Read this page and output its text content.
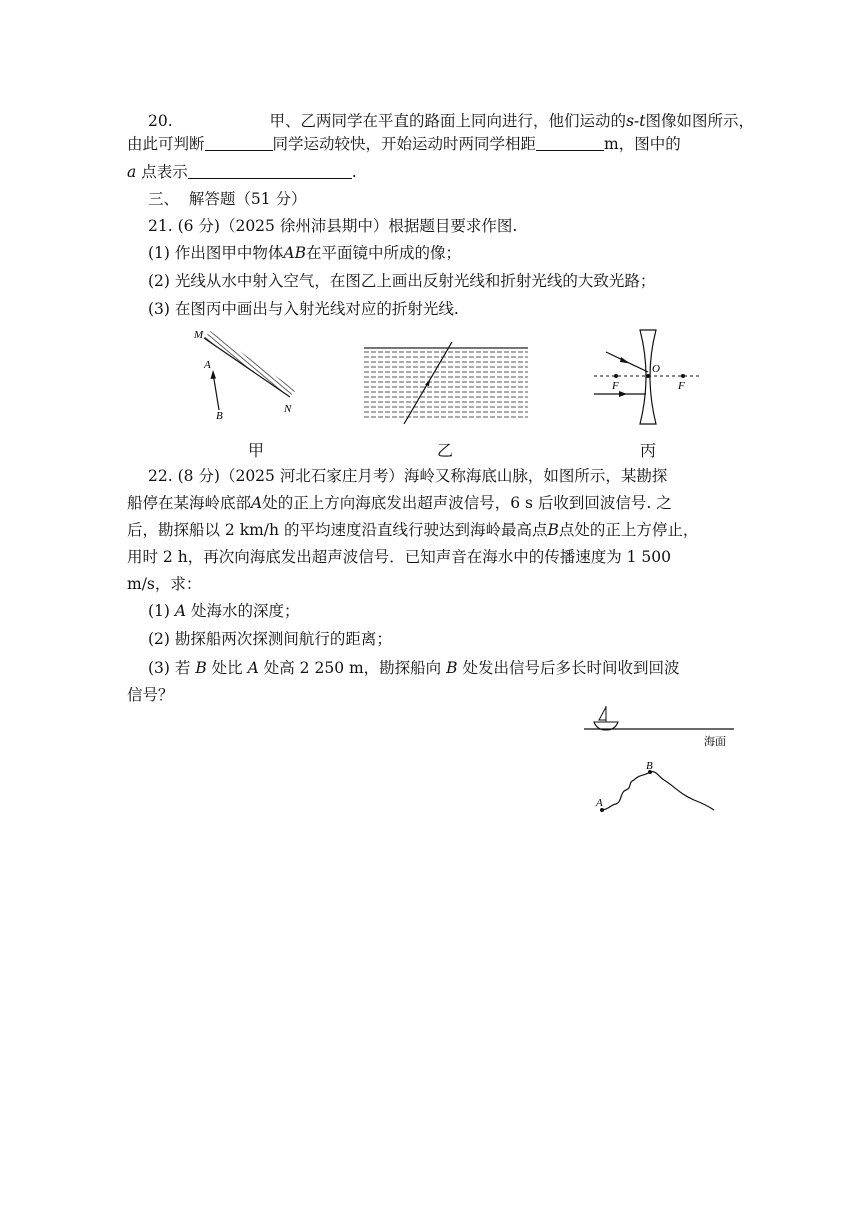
20.	甲、乙两同学在平直的路面上同向进行，他们运动的s-t图像如图所示，
由此可判断	同学运动较快，开始运动时两同学相距	m，图中的
a 点表示	.
三、 解答题（51 分）
21. (6 分)（2025 徐州沛县期中）根据题目要求作图.
(1) 作出图甲中物体AB在平面镜中所成的像；
(2) 光线从水中射入空气，在图乙上画出反射光线和折射光线的大致光路；
(3) 在图丙中画出与入射光线对应的折射光线.
M
N
A
B
甲	乙
F
O
F
丙
22. (8 分)（2025 河北石家庄月考）海岭又称海底山脉，如图所示，某勘探
船停在某海岭底部A处的正上方向海底发出超声波信号，6 s 后收到回波信号. 之
后，勘探船以 2 km/h 的平均速度沿直线行驶达到海岭最高点B点处的正上方停止，
用时 2 h，再次向海底发出超声波信号．已知声音在海水中的传播速度为 1 500
m/s，求：
(1) A 处海水的深度；
(2) 勘探船两次探测间航行的距离；
(3) 若 B 处比 A 处高 2 250 m，勘探船向 B 处发出信号后多长时间收到回波
信号？
海面
B
A
